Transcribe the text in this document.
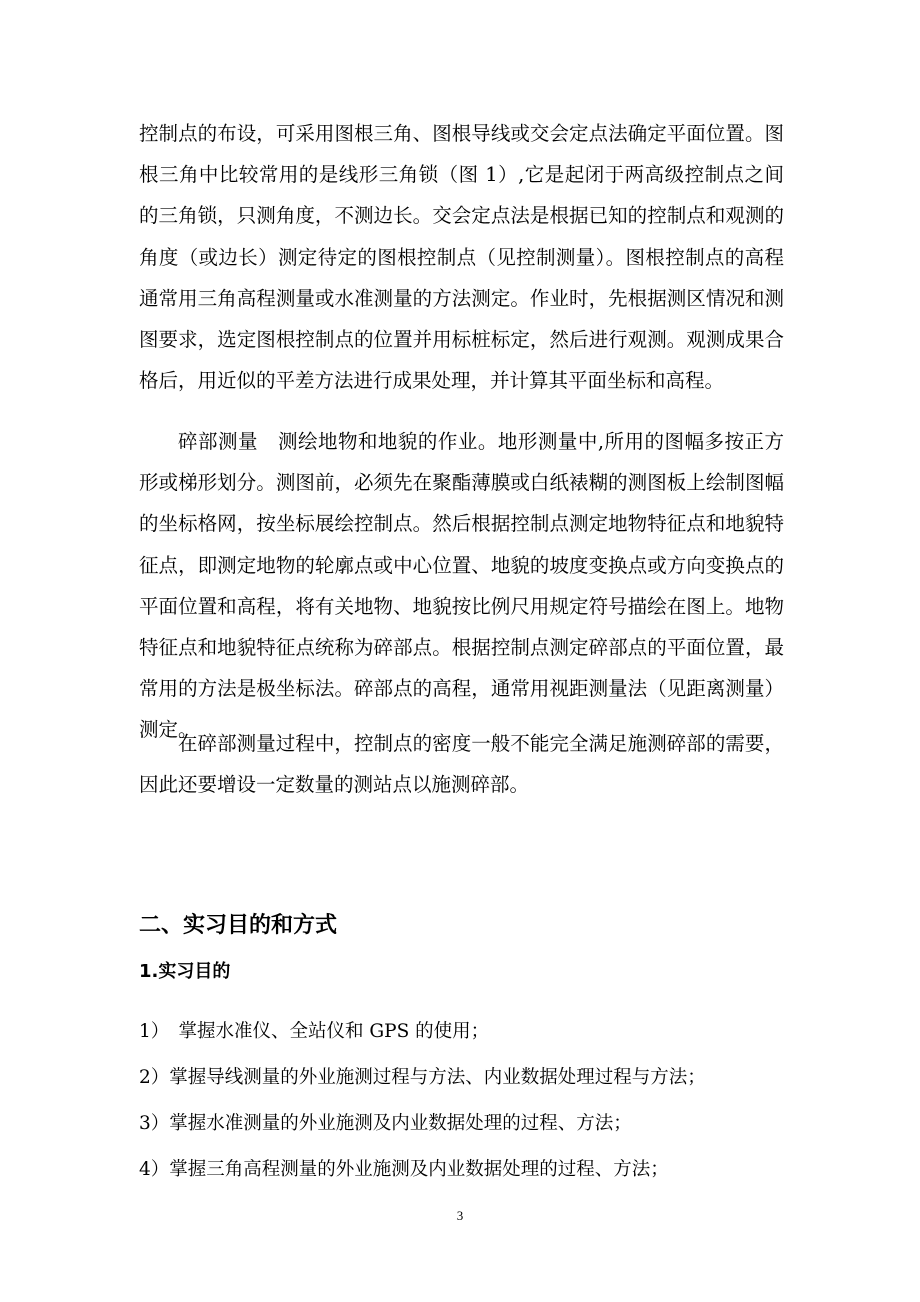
控制点的布设，可采用图根三角、图根导线或交会定点法确定平面位置。图根三角中比较常用的是线形三角锁（图 1）,它是起闭于两高级控制点之间的三角锁，只测角度，不测边长。交会定点法是根据已知的控制点和观测的角度（或边长）测定待定的图根控制点（见控制测量）。图根控制点的高程通常用三角高程测量或水准测量的方法测定。作业时，先根据测区情况和测图要求，选定图根控制点的位置并用标桩标定，然后进行观测。观测成果合格后，用近似的平差方法进行成果处理，并计算其平面坐标和高程。

碎部测量　测绘地物和地貌的作业。地形测量中,所用的图幅多按正方形或梯形划分。测图前，必须先在聚酯薄膜或白纸裱糊的测图板上绘制图幅的坐标格网，按坐标展绘控制点。然后根据控制点测定地物特征点和地貌特征点，即测定地物的轮廓点或中心位置、地貌的坡度变换点或方向变换点的平面位置和高程，将有关地物、地貌按比例尺用规定符号描绘在图上。地物特征点和地貌特征点统称为碎部点。根据控制点测定碎部点的平面位置，最常用的方法是极坐标法。碎部点的高程，通常用视距测量法（见距离测量）测定。

在碎部测量过程中，控制点的密度一般不能完全满足施测碎部的需要，因此还要增设一定数量的测站点以施测碎部。

二、实习目的和方式
1.实习目的
1）　掌握水准仪、全站仪和 GPS 的使用；
2）掌握导线测量的外业施测过程与方法、内业数据处理过程与方法；
3）掌握水准测量的外业施测及内业数据处理的过程、方法；
4）掌握三角高程测量的外业施测及内业数据处理的过程、方法；
3
